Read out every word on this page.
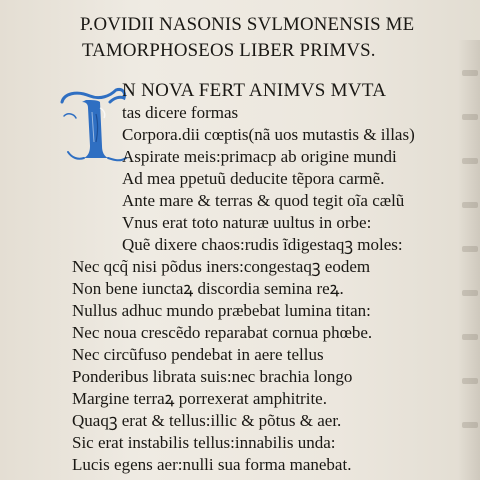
P.OVIDII NASONIS SVLMONENSIS ME
TAMORPHOSEOS LIBER PRIMVS.
N NOVA FERT ANIMVS MVTA
tas dicere formas
Corpora.dii cœptis(nã uos mutastis & illas)
Aspirate meis:primacp ab origine mundi
Ad mea ppetuũ deducite tẽpora carmẽ.
Ante mare & terras & quod tegit oĩa cælũ
Vnus erat toto naturæ uultus in orbe:
Quẽ dixere chaos:rudis ĩdigestaqꝫ moles:
Nec qcq̃ nisi põdus iners:congestaqꝫ eodem
Non bene iunctaꝝ discordia semina reꝝ.
Nullus adhuc mundo præbebat lumina titan:
Nec noua crescẽdo reparabat cornua phœbe.
Nec circũfuso pendebat in aere tellus
Ponderibus librata suis:nec brachia longo
Margine terraꝝ porrexerat amphitrite.
Quaqꝫ erat & tellus:illic & põtus & aer.
Sic erat instabilis tellus:innabilis unda:
Lucis egens aer:nulli sua forma manebat.
